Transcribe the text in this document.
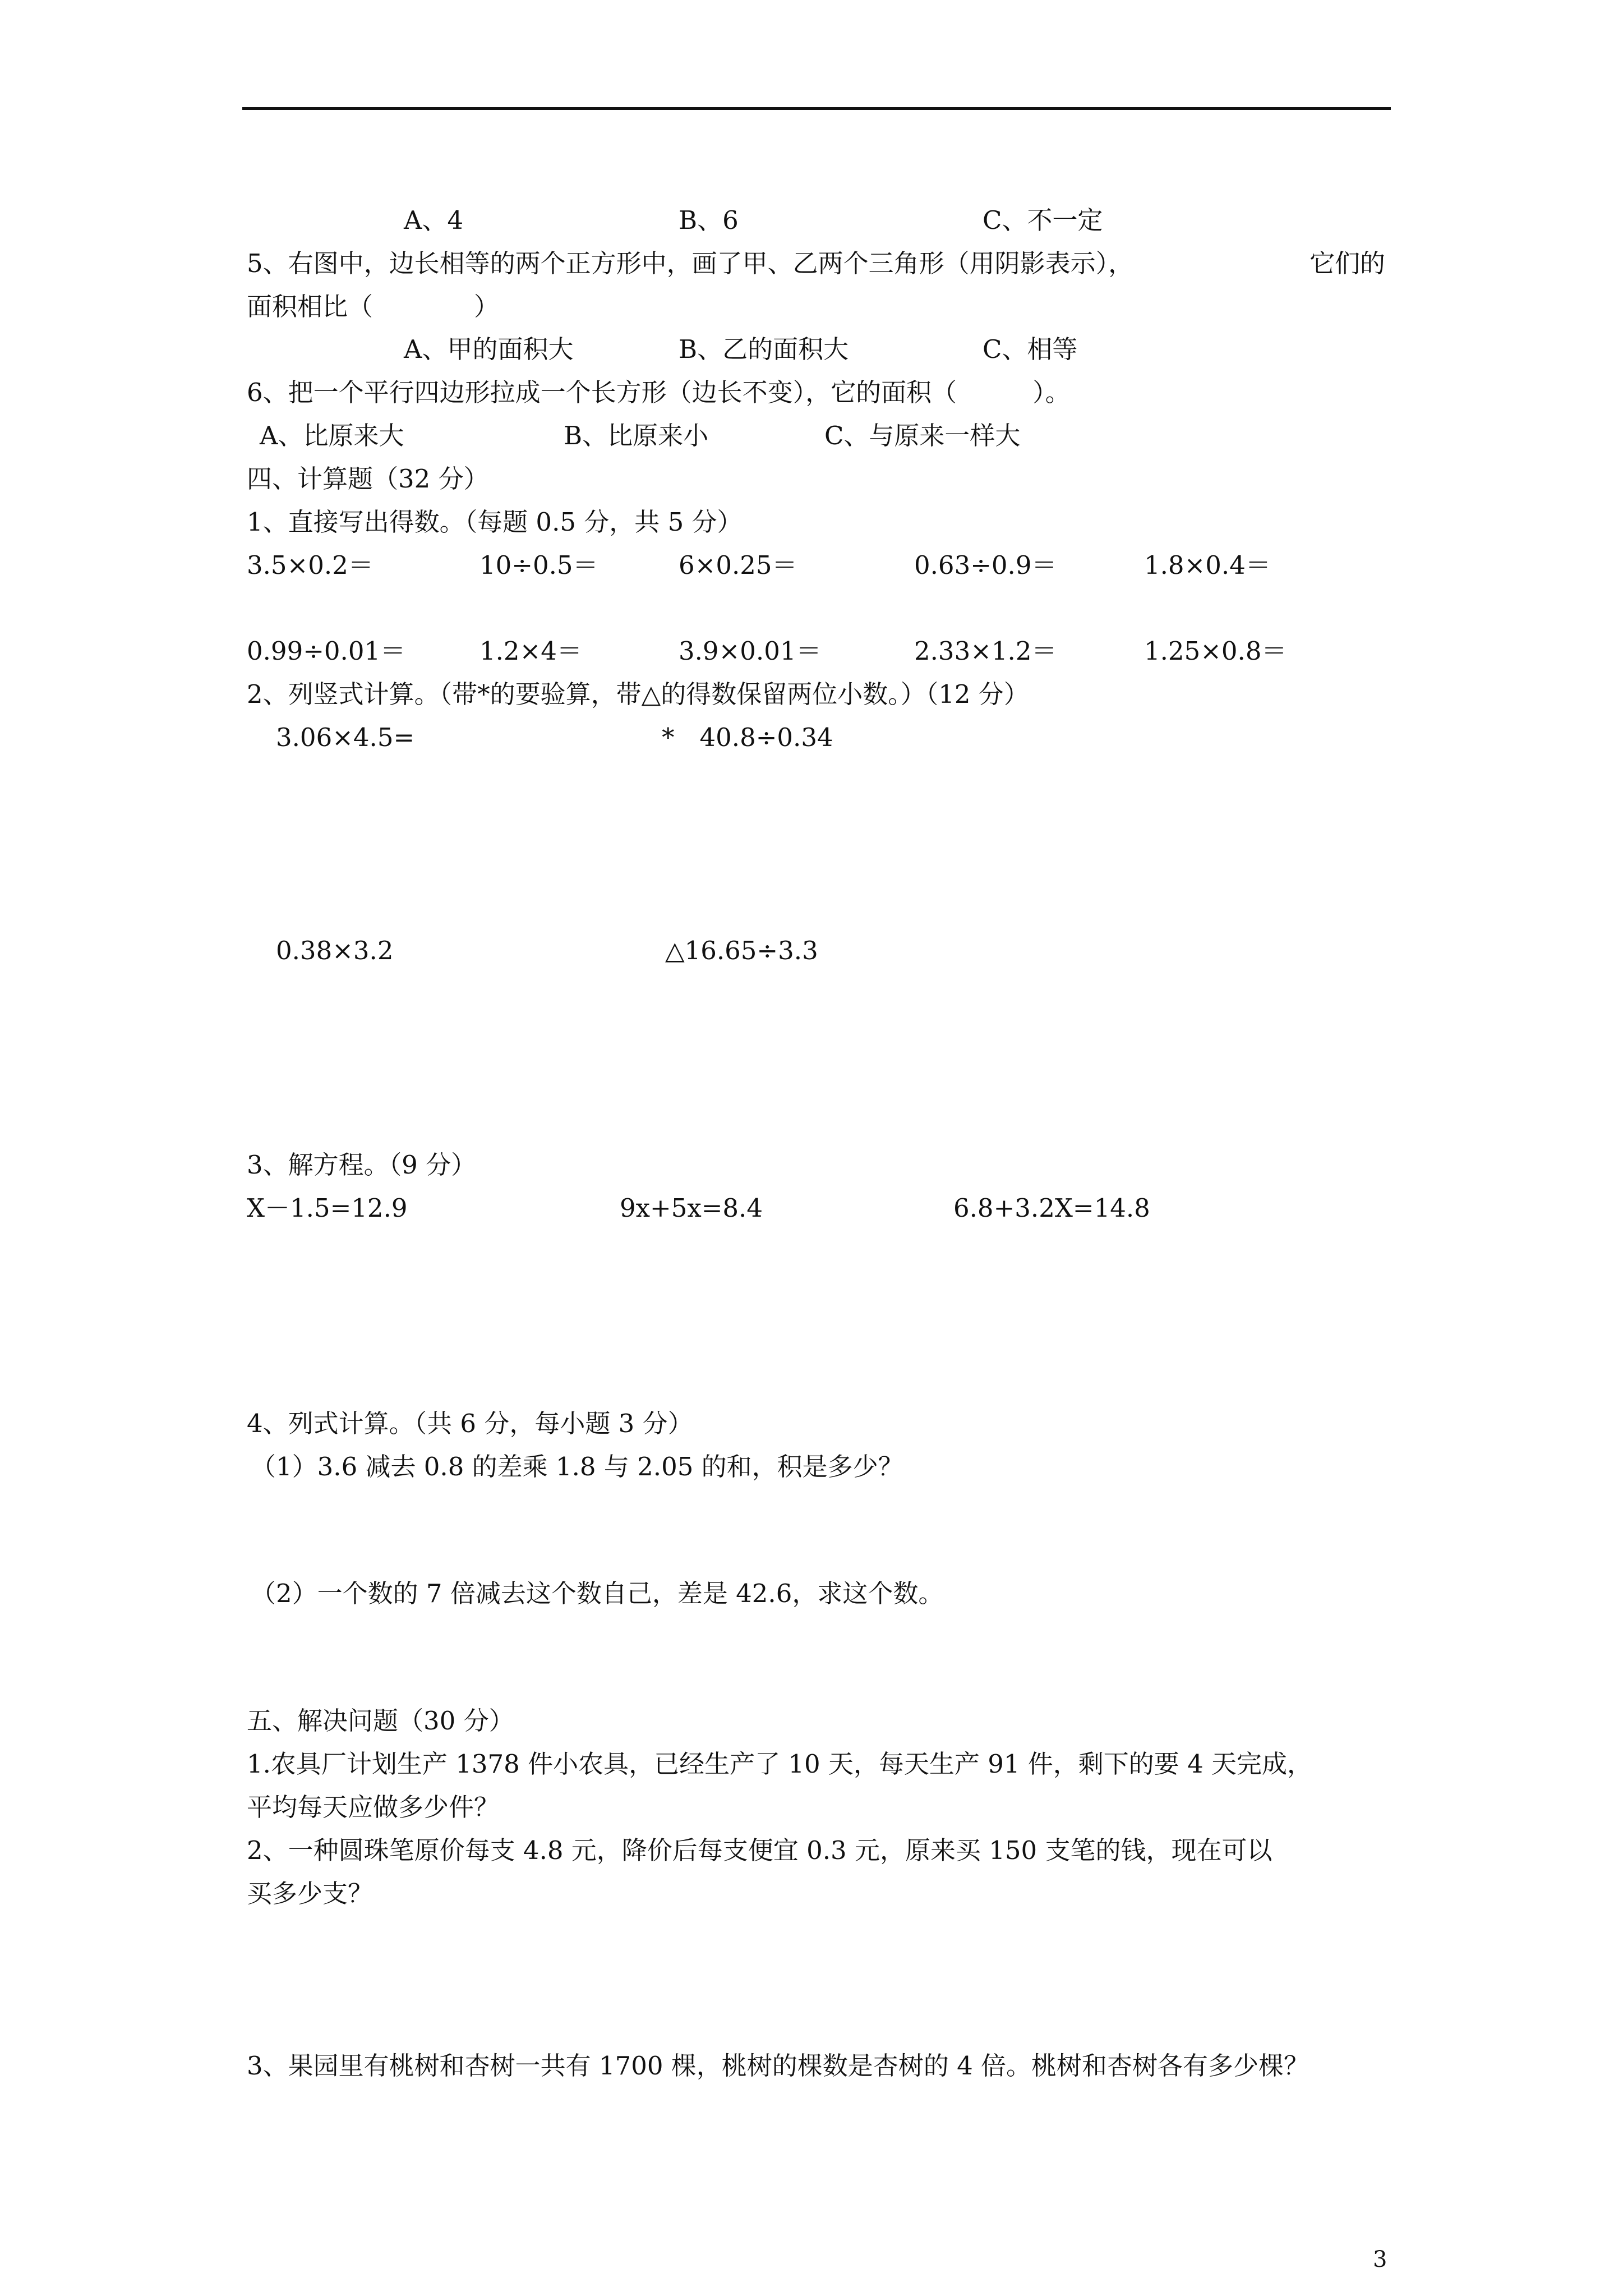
A、4	B、6	C、不一定
5、右图中，边长相等的两个正方形中，画了甲、乙两个三角形（用阴影表示），	它们的
面积相比（　　　　）
A、甲的面积大	B、乙的面积大	C、相等
6、把一个平行四边形拉成一个长方形（边长不变），它的面积（　　　）。
A、比原来大	B、比原来小	C、与原来一样大
四、计算题（32 分）
1、直接写出得数。（每题 0.5 分，共 5 分）
3.5×0.2＝	10÷0.5＝	6×0.25＝	0.63÷0.9＝	1.8×0.4＝
0.99÷0.01＝	1.2×4＝	3.9×0.01＝	2.33×1.2＝	1.25×0.8＝
2、列竖式计算。（带*的要验算，带△的得数保留两位小数。）（12 分）
3.06×4.5=	*　40.8÷0.34
0.38×3.2	△16.65÷3.3
3、解方程。（9 分）
X－1.5=12.9	9x+5x=8.4	6.8+3.2X=14.8
4、列式计算。（共 6 分，每小题 3 分）
（1）3.6 减去 0.8 的差乘 1.8 与 2.05 的和，积是多少？
（2）一个数的 7 倍减去这个数自己，差是 42.6，求这个数。
五、解决问题（30 分）
1.农具厂计划生产 1378 件小农具，已经生产了 10 天，每天生产 91 件，剩下的要 4 天完成，
平均每天应做多少件？
2、一种圆珠笔原价每支 4.8 元，降价后每支便宜 0.3 元，原来买 150 支笔的钱，现在可以
买多少支？
3、果园里有桃树和杏树一共有 1700 棵，桃树的棵数是杏树的 4 倍。桃树和杏树各有多少棵？
3
